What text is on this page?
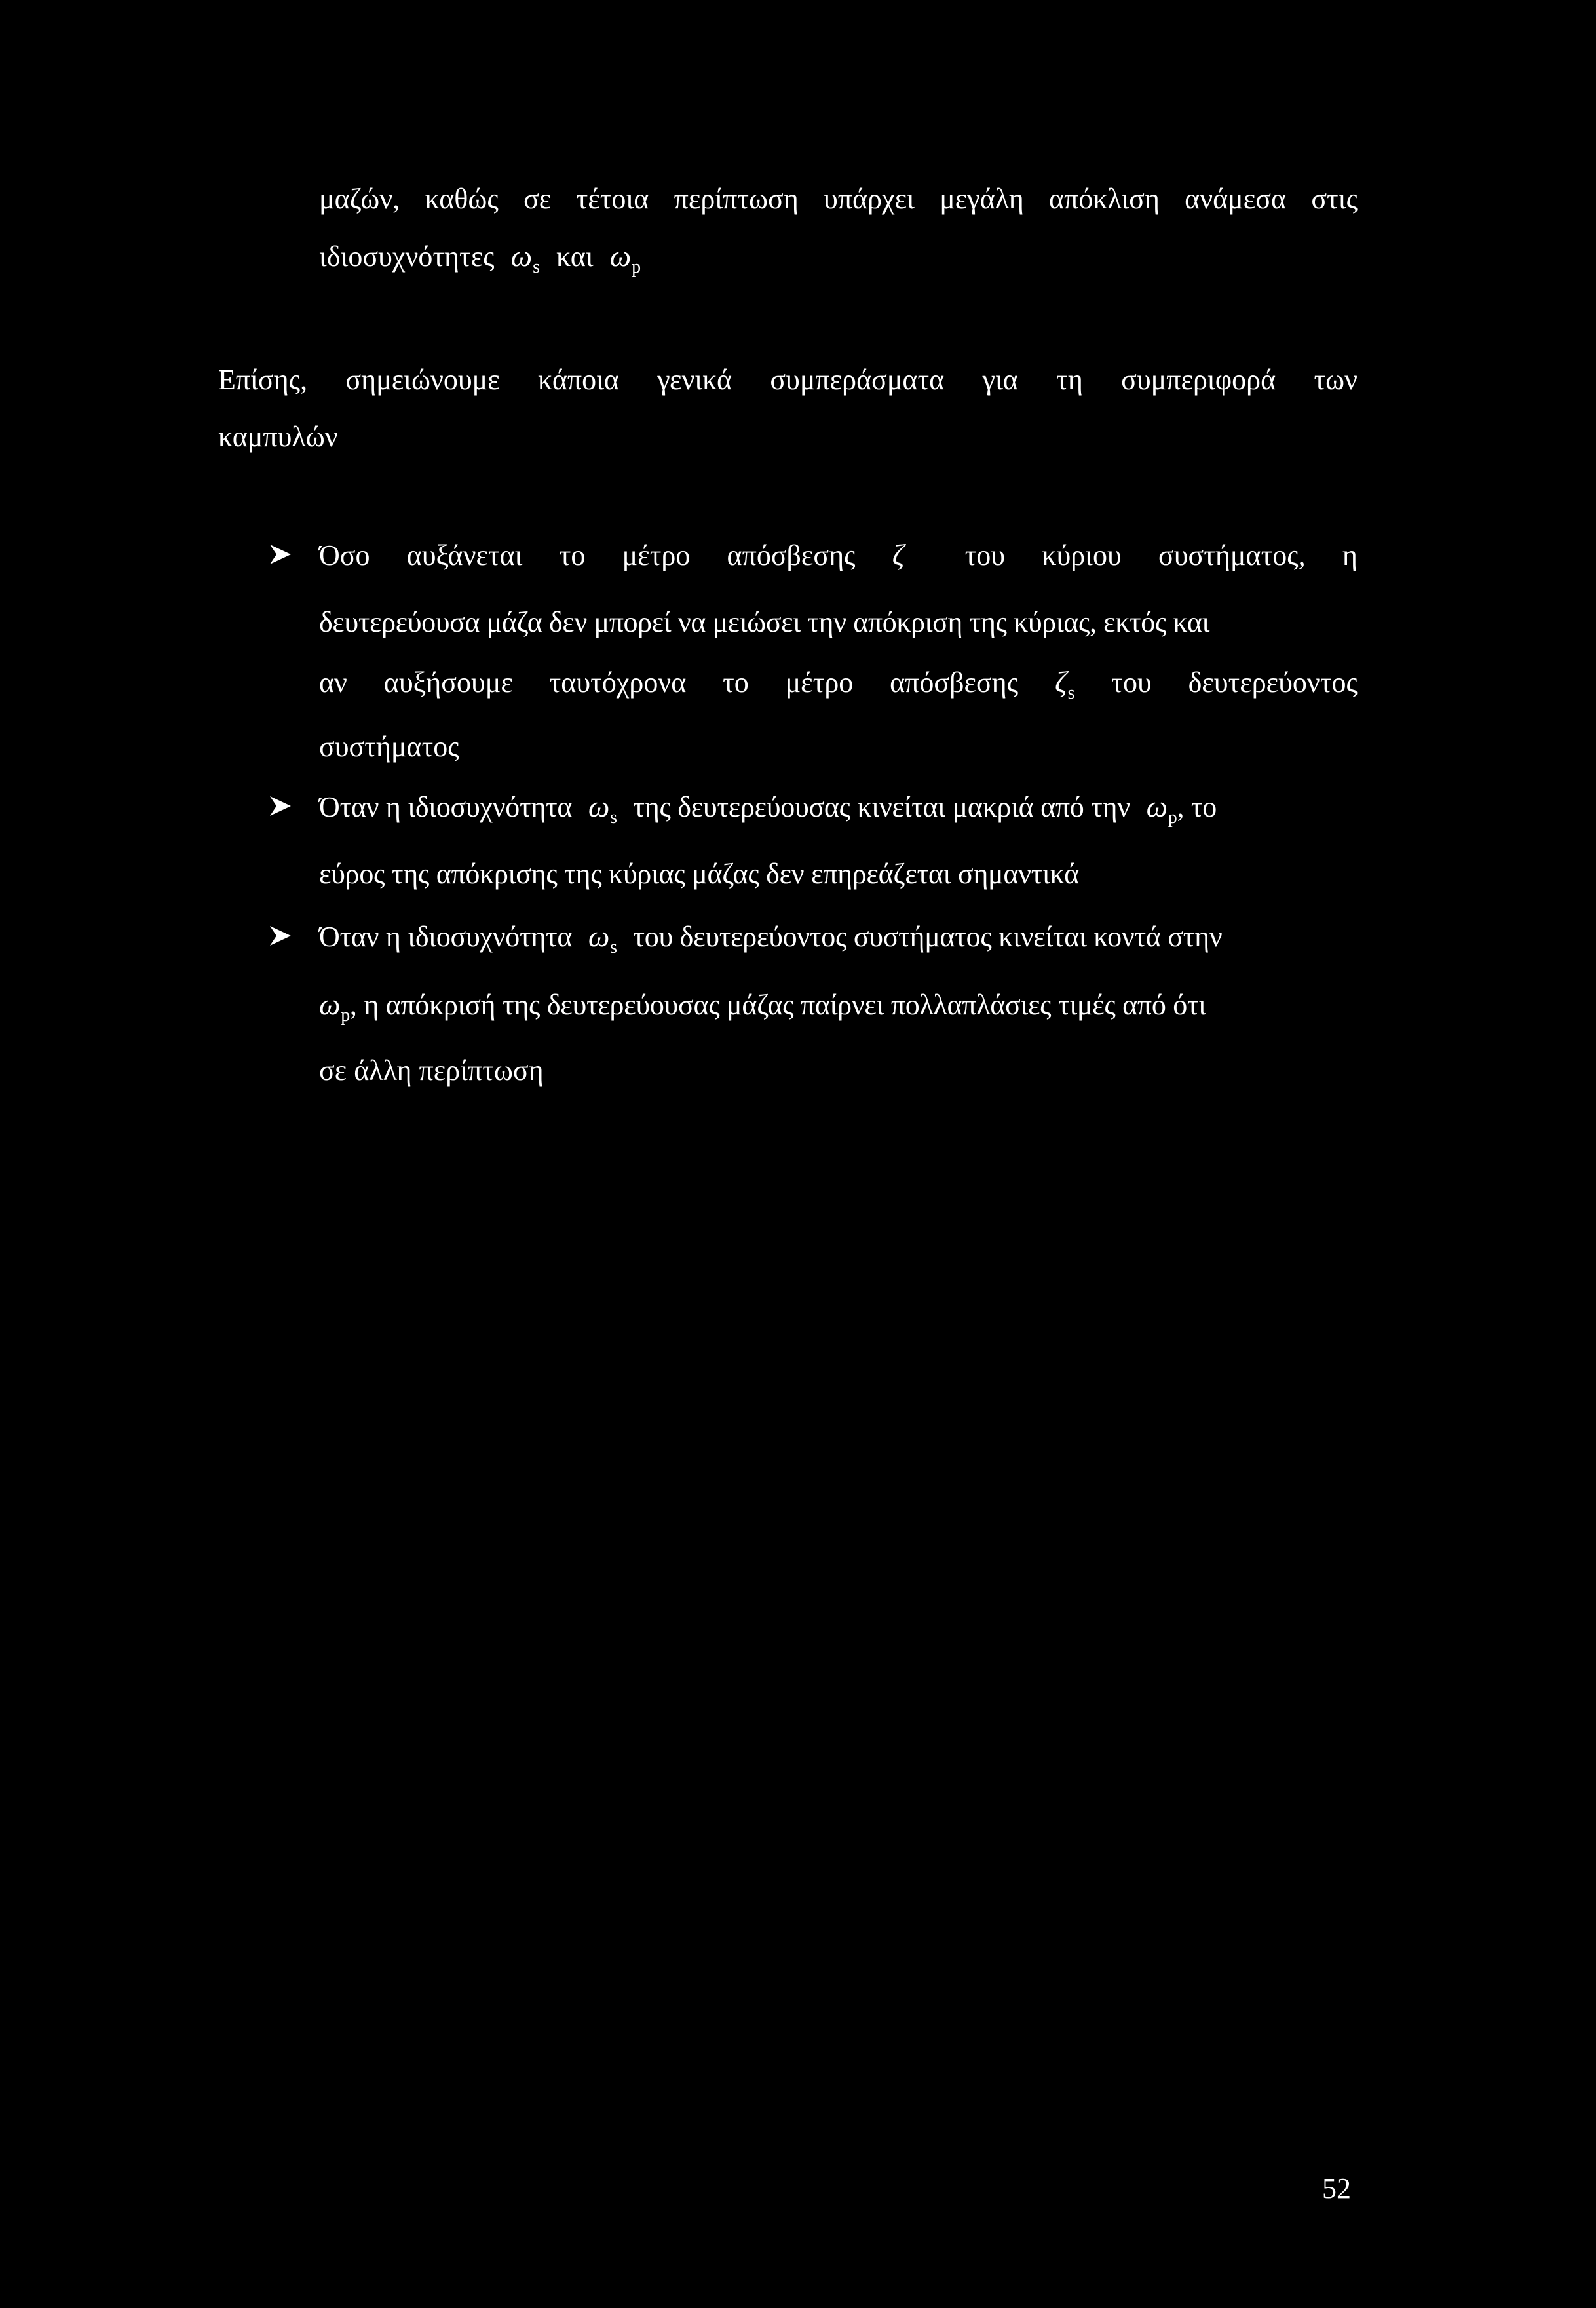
μαζών, καθώς σε τέτοια περίπτωση υπάρχει μεγάλη απόκλιση ανάμεσα στις
ιδιοσυχνότητες $\omega_s$ και $\omega_p$
Επίσης, σημειώνουμε κάποια γενικά συμπεράσματα για τη συμπεριφορά των
καμπυλών
Όσο αυξάνεται το μέτρο απόσβεσης ζ του κύριου συστήματος, η
δευτερεύουσα μάζα δεν μπορεί να μειώσει την απόκριση της κύριας, εκτός και
αν αυξήσουμε ταυτόχρονα το μέτρο απόσβεσης $\zeta_s$ του δευτερεύοντος
συστήματος
Όταν η ιδιοσυχνότητα $\omega_s$ της δευτερεύουσας κινείται μακριά από την $\omega_p$, το
εύρος της απόκρισης της κύριας μάζας δεν επηρεάζεται σημαντικά
Όταν η ιδιοσυχνότητα $\omega_s$ του δευτερεύοντος συστήματος κινείται κοντά στην
$\omega_p$, η απόκρισή της δευτερεύουσας μάζας παίρνει πολλαπλάσιες τιμές από ότι
σε άλλη περίπτωση
52
